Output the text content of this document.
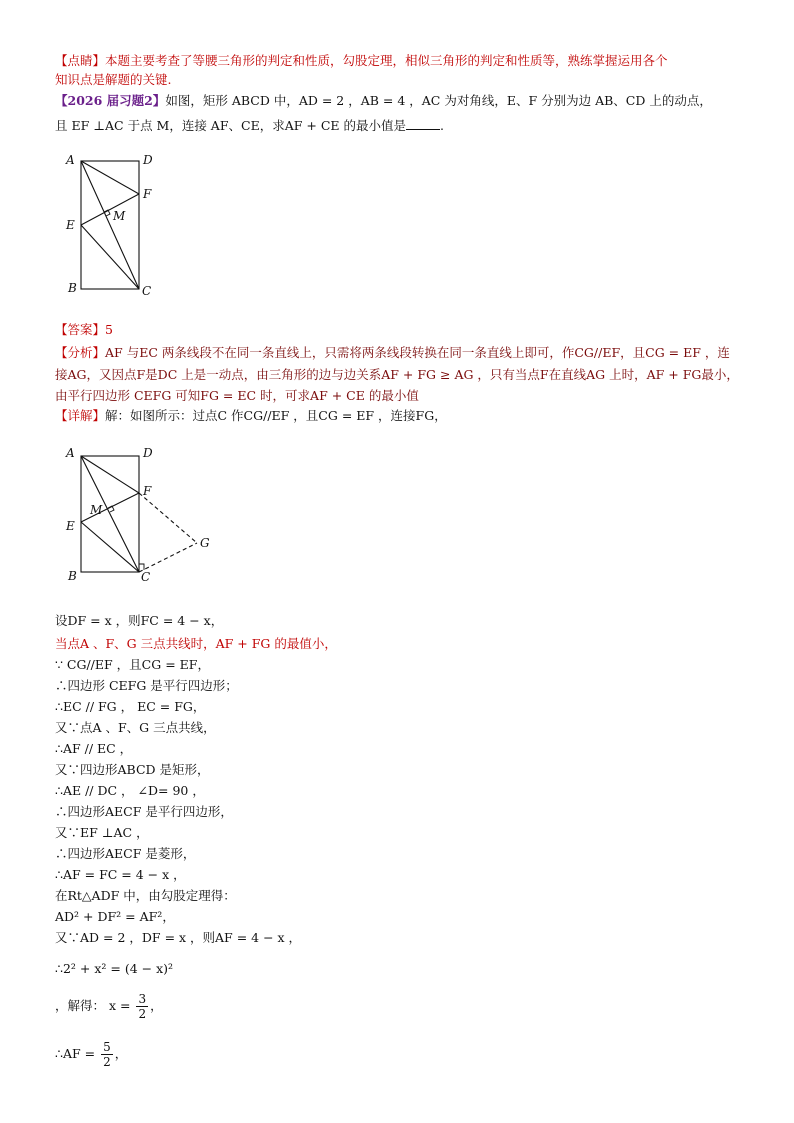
【点睛】本题主要考查了等腰三角形的判定和性质，勾股定理，相似三角形的判定和性质等，熟练掌握运用各个
知识点是解题的关键.
【2026 届习题2】如图，矩形 ABCD 中，AD = 2 ，AB = 4 ，AC 为对角线，E、F 分别为边 AB、CD 上的动点，
且 EF ⊥AC 于点 M，连接 AF、CE，求AF + CE 的最小值是	.
A	D
F
M
E
B	C
【答案】5
【分析】AF 与EC 两条线段不在同一条直线上，只需将两条线段转换在同一条直线上即可，作CG//EF，且CG = EF ，连
接AG，又因点F是DC 上是一动点，由三角形的边与边关系AF + FG ≥ AG ，只有当点F在直线AG 上时，AF + FG最小，
由平行四边形 CEFG 可知FG = EC 时，可求AF + CE 的最小值
【详解】解：如图所示：过点C 作CG//EF ，且CG = EF ，连接FG，
A	D
F
M
E
G
B	C
设DF = x ，则FC = 4 − x，
当点A 、F、G 三点共线时，AF + FG 的最值小，
∵ CG//EF ，且CG = EF，
∴四边形 CEFG 是平行四边形；
∴EC // FG ， EC = FG，
又∵点A 、F、G 三点共线，
∴AF // EC ，
又∵四边形ABCD 是矩形，
∴AE // DC ， ∠D= 90 ，
∴四边形AECF 是平行四边形，
又∵EF ⊥AC ，
∴四边形AECF 是菱形，
∴AF = FC = 4 − x ，
在Rt△ADF 中，由勾股定理得：
AD² + DF² = AF²，
又∵AD = 2 ，DF = x ，则AF = 4 − x ，
∴2² + x² = (4 − x)²
，解得： $x = \frac{3}{2}$ ，
∴AF = $\frac{5}{2}$ ，
